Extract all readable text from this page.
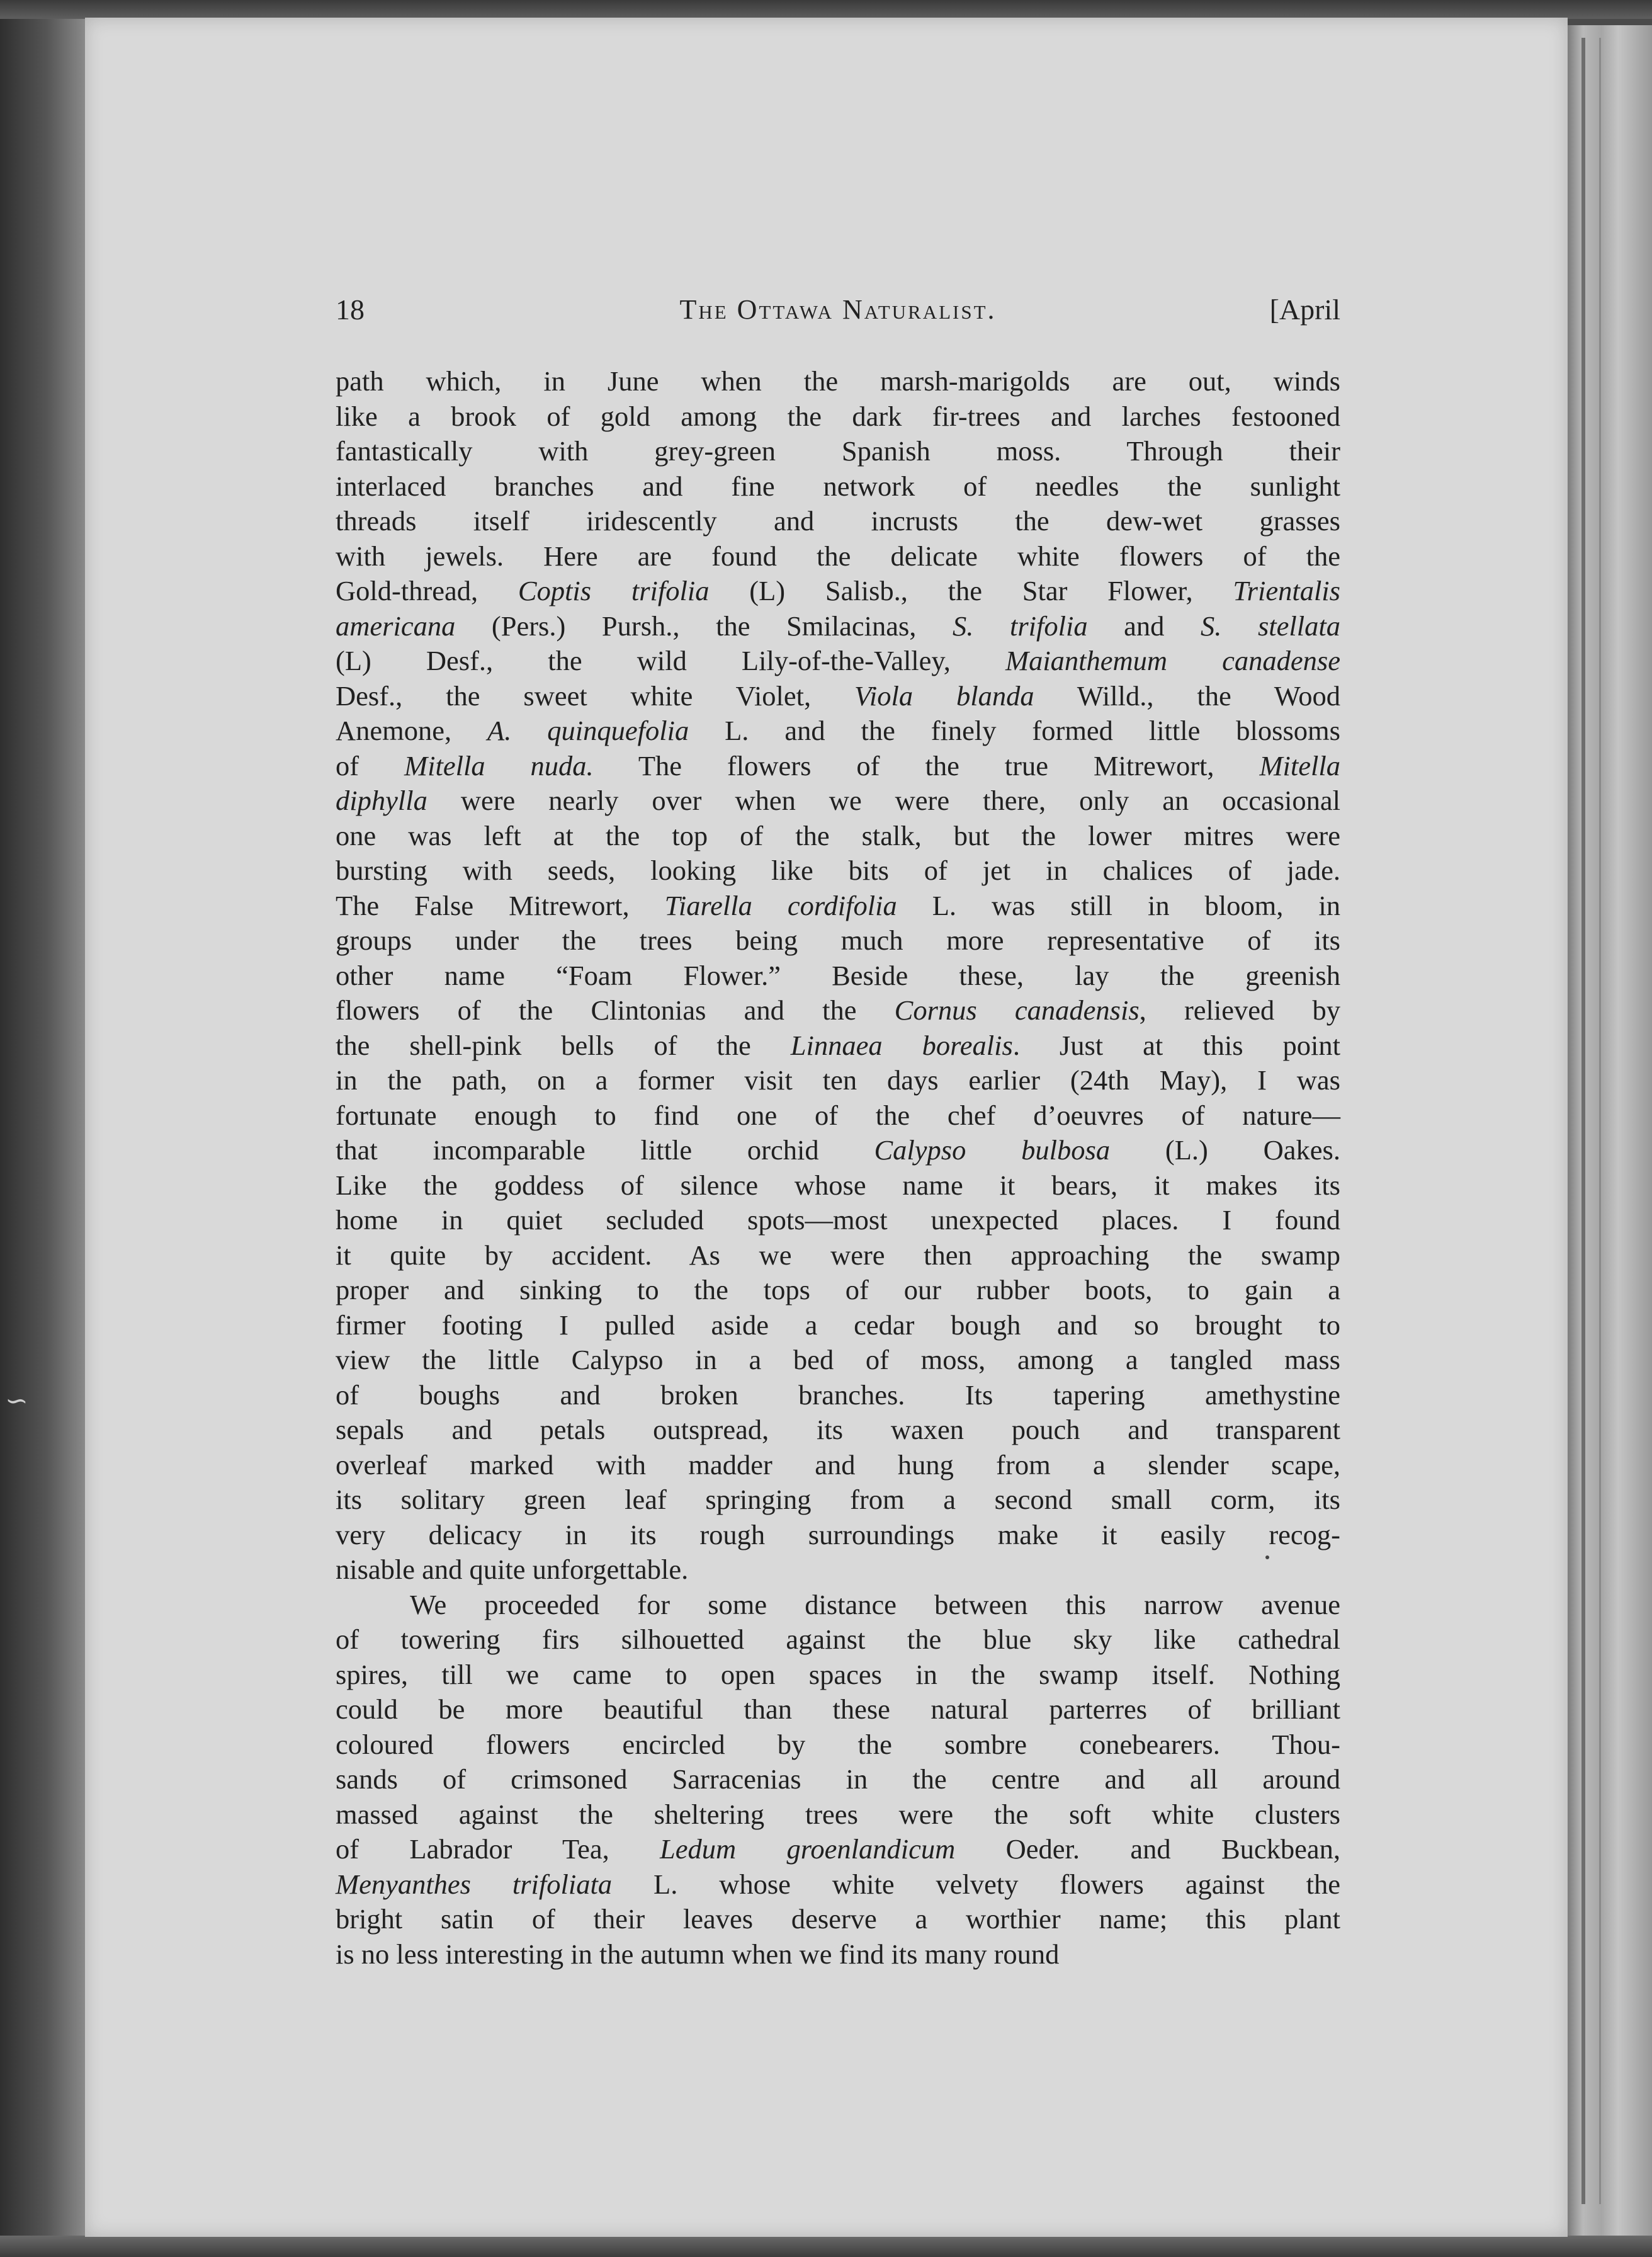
∽
18	The Ottawa Naturalist.	[April
path which, in June when the marsh-marigolds are out, winds
like a brook of gold among the dark fir-trees and larches festooned
fantastically with grey-green Spanish moss. Through their
interlaced branches and fine network of needles the sunlight
threads itself iridescently and incrusts the dew-wet grasses
with jewels. Here are found the delicate white flowers of the
Gold-thread, Coptis trifolia (L) Salisb., the Star Flower, Trientalis
americana (Pers.) Pursh., the Smilacinas, S. trifolia and S. stellata
(L) Desf., the wild Lily-of-the-Valley, Maianthemum canadense
Desf., the sweet white Violet, Viola blanda Willd., the Wood
Anemone, A. quinquefolia L. and the finely formed little blossoms
of Mitella nuda. The flowers of the true Mitrewort, Mitella
diphylla were nearly over when we were there, only an occasional
one was left at the top of the stalk, but the lower mitres were
bursting with seeds, looking like bits of jet in chalices of jade.
The False Mitrewort, Tiarella cordifolia L. was still in bloom, in
groups under the trees being much more representative of its
other name “Foam Flower.” Beside these, lay the greenish
flowers of the Clintonias and the Cornus canadensis, relieved by
the shell-pink bells of the Linnaea borealis. Just at this point
in the path, on a former visit ten days earlier (24th May), I was
fortunate enough to find one of the chef d’oeuvres of nature—
that incomparable little orchid Calypso bulbosa (L.) Oakes.
Like the goddess of silence whose name it bears, it makes its
home in quiet secluded spots—most unexpected places. I found
it quite by accident. As we were then approaching the swamp
proper and sinking to the tops of our rubber boots, to gain a
firmer footing I pulled aside a cedar bough and so brought to
view the little Calypso in a bed of moss, among a tangled mass
of boughs and broken branches. Its tapering amethystine
sepals and petals outspread, its waxen pouch and transparent
overleaf marked with madder and hung from a slender scape,
its solitary green leaf springing from a second small corm, its
very delicacy in its rough surroundings make it easily recog-
nisable and quite unforgettable.
We proceeded for some distance between this narrow avenue
of towering firs silhouetted against the blue sky like cathedral
spires, till we came to open spaces in the swamp itself. Nothing
could be more beautiful than these natural parterres of brilliant
coloured flowers encircled by the sombre conebearers. Thou-
sands of crimsoned Sarracenias in the centre and all around
massed against the sheltering trees were the soft white clusters
of Labrador Tea, Ledum groenlandicum Oeder. and Buckbean,
Menyanthes trifoliata L. whose white velvety flowers against the
bright satin of their leaves deserve a worthier name; this plant
is no less interesting in the autumn when we find its many round
